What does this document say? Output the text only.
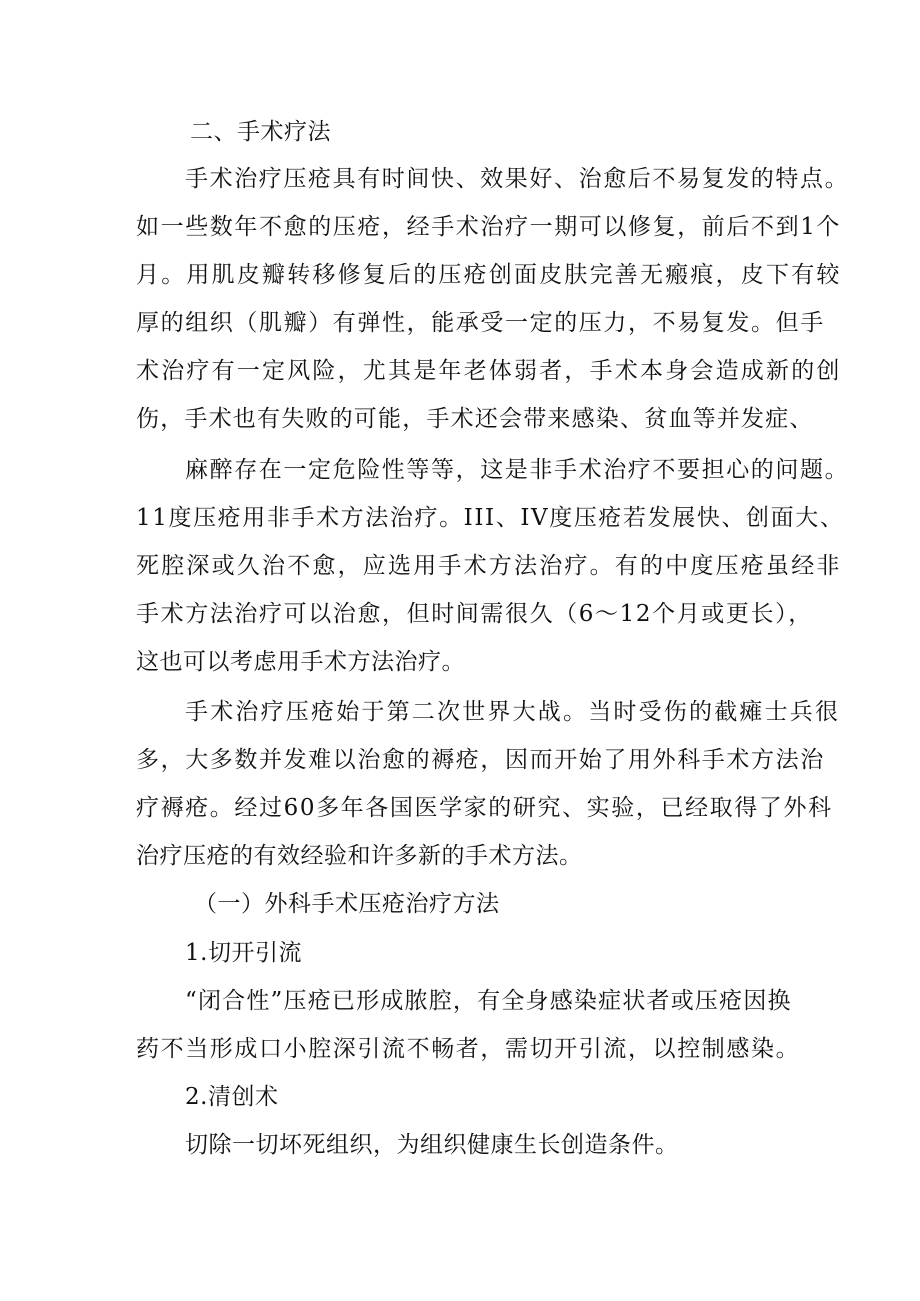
二、手术疗法
手术治疗压疮具有时间快、效果好、治愈后不易复发的特点。
如一些数年不愈的压疮，经手术治疗一期可以修复，前后不到1个
月。用肌皮瓣转移修复后的压疮创面皮肤完善无瘢痕，皮下有较
厚的组织（肌瓣）有弹性，能承受一定的压力，不易复发。但手
术治疗有一定风险，尤其是年老体弱者，手术本身会造成新的创
伤，手术也有失败的可能，手术还会带来感染、贫血等并发症、
麻醉存在一定危险性等等，这是非手术治疗不要担心的问题。
11度压疮用非手术方法治疗。III、IV度压疮若发展快、创面大、
死腔深或久治不愈，应选用手术方法治疗。有的中度压疮虽经非
手术方法治疗可以治愈，但时间需很久（6～12个月或更长），
这也可以考虑用手术方法治疗。
手术治疗压疮始于第二次世界大战。当时受伤的截瘫士兵很
多，大多数并发难以治愈的褥疮，因而开始了用外科手术方法治
疗褥疮。经过60多年各国医学家的研究、实验，已经取得了外科
治疗压疮的有效经验和许多新的手术方法。
（一）外科手术压疮治疗方法
1.切开引流
“闭合性”压疮已形成脓腔，有全身感染症状者或压疮因换
药不当形成口小腔深引流不畅者，需切开引流，以控制感染。
2.清创术
切除一切坏死组织，为组织健康生长创造条件。
